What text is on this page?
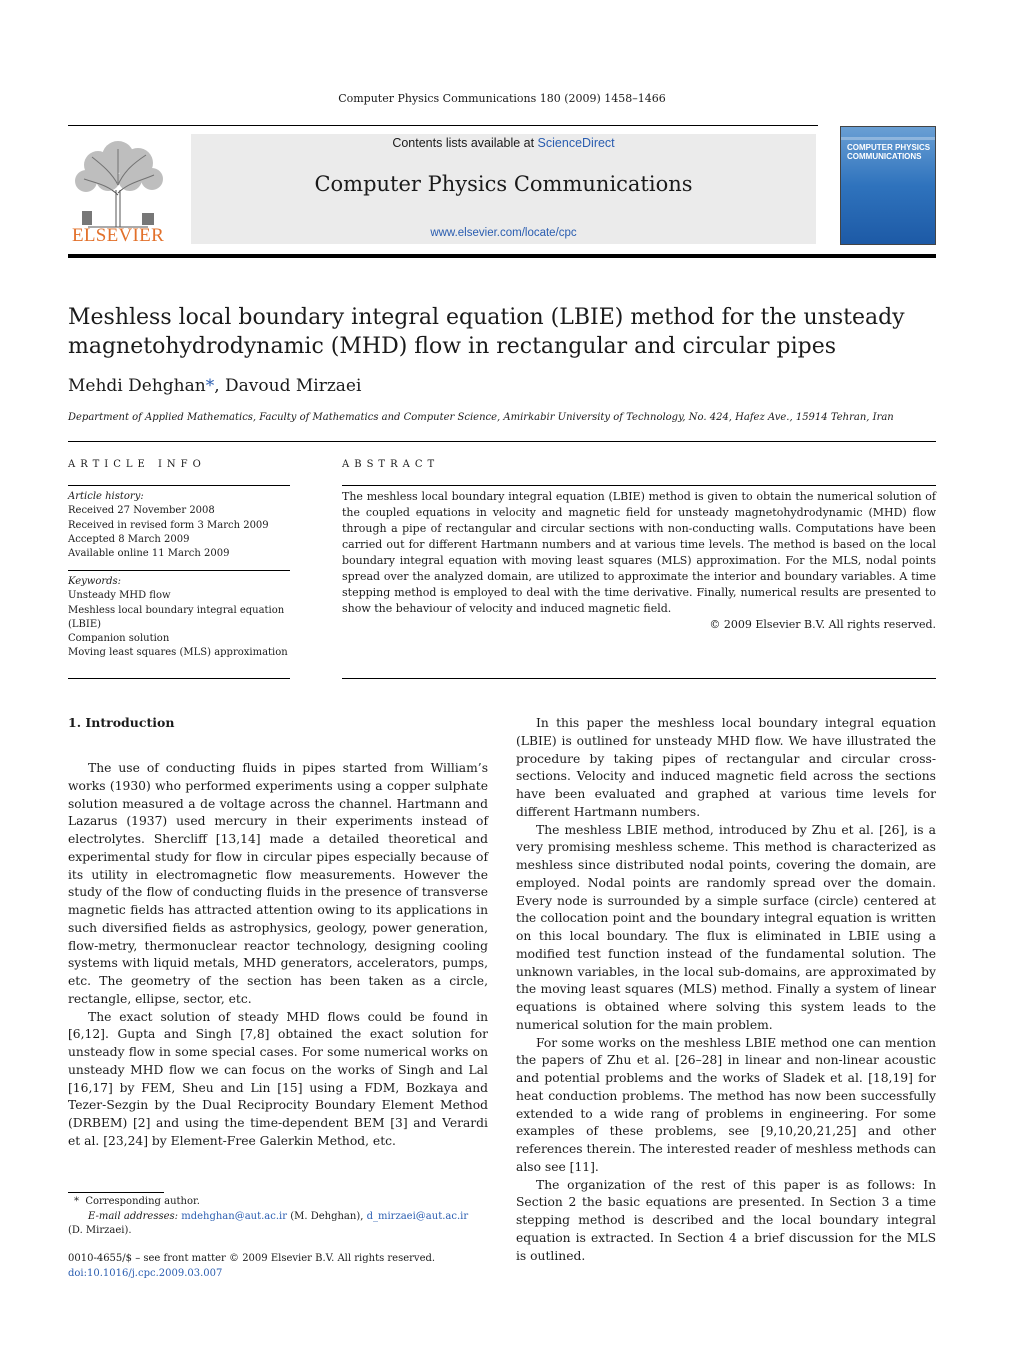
Computer Physics Communications 180 (2009) 1458–1466
ELSEVIER
Contents lists available at ScienceDirect
Computer Physics Communications
www.elsevier.com/locate/cpc
COMPUTER PHYSICS
COMMUNICATIONS
Meshless local boundary integral equation (LBIE) method for the unsteady
magnetohydrodynamic (MHD) flow in rectangular and circular pipes
Mehdi Dehghan*, Davoud Mirzaei
Department of Applied Mathematics, Faculty of Mathematics and Computer Science, Amirkabir University of Technology, No. 424, Hafez Ave., 15914 Tehran, Iran
ARTICLE INFO	ABSTRACT
Article history:
Received 27 November 2008
Received in revised form 3 March 2009
Accepted 8 March 2009
Available online 11 March 2009
Keywords:
Unsteady MHD flow
Meshless local boundary integral equation
(LBIE)
Companion solution
Moving least squares (MLS) approximation
The meshless local boundary integral equation (LBIE) method is given to obtain the numerical solution of the coupled equations in velocity and magnetic field for unsteady magnetohydrodynamic (MHD) flow through a pipe of rectangular and circular sections with non-conducting walls. Computations have been carried out for different Hartmann numbers and at various time levels. The method is based on the local boundary integral equation with moving least squares (MLS) approximation. For the MLS, nodal points spread over the analyzed domain, are utilized to approximate the interior and boundary variables. A time stepping method is employed to deal with the time derivative. Finally, numerical results are presented to show the behaviour of velocity and induced magnetic field.
© 2009 Elsevier B.V. All rights reserved.
1. Introduction

The use of conducting fluids in pipes started from William’s works (1930) who performed experiments using a copper sulphate solution measured a de voltage across the channel. Hartmann and Lazarus (1937) used mercury in their experiments instead of electrolytes. Shercliff [13,14] made a detailed theoretical and experimental study for flow in circular pipes especially because of its utility in electromagnetic flow measurements. However the study of the flow of conducting fluids in the presence of transverse magnetic fields has attracted attention owing to its applications in such diversified fields as astrophysics, geology, power generation, flow-metry, thermonuclear reactor technology, designing cooling systems with liquid metals, MHD generators, accelerators, pumps, etc. The geometry of the section has been taken as a circle, rectangle, ellipse, sector, etc.

The exact solution of steady MHD flows could be found in [6,12]. Gupta and Singh [7,8] obtained the exact solution for unsteady flow in some special cases. For some numerical works on unsteady MHD flow we can focus on the works of Singh and Lal [16,17] by FEM, Sheu and Lin [15] using a FDM, Bozkaya and Tezer-Sezgin by the Dual Reciprocity Boundary Element Method (DRBEM) [2] and using the time-dependent BEM [3] and Verardi et al. [23,24] by Element-Free Galerkin Method, etc.

In this paper the meshless local boundary integral equation (LBIE) is outlined for unsteady MHD flow. We have illustrated the procedure by taking pipes of rectangular and circular cross-sections. Velocity and induced magnetic field across the sections have been evaluated and graphed at various time levels for different Hartmann numbers.

The meshless LBIE method, introduced by Zhu et al. [26], is a very promising meshless scheme. This method is characterized as meshless since distributed nodal points, covering the domain, are employed. Nodal points are randomly spread over the domain. Every node is surrounded by a simple surface (circle) centered at the collocation point and the boundary integral equation is written on this local boundary. The flux is eliminated in LBIE using a modified test function instead of the fundamental solution. The unknown variables, in the local sub-domains, are approximated by the moving least squares (MLS) method. Finally a system of linear equations is obtained where solving this system leads to the numerical solution for the main problem.

For some works on the meshless LBIE method one can mention the papers of Zhu et al. [26–28] in linear and non-linear acoustic and potential problems and the works of Sladek et al. [18,19] for heat conduction problems. The method has now been successfully extended to a wide rang of problems in engineering. For some examples of these problems, see [9,10,20,21,25] and other references therein. The interested reader of meshless methods can also see [11].

The organization of the rest of this paper is as follows: In Section 2 the basic equations are presented. In Section 3 a time stepping method is described and the local boundary integral equation is extracted. In Section 4 a brief discussion for the MLS is outlined.

* Corresponding author.
E-mail addresses: mdehghan@aut.ac.ir (M. Dehghan), d_mirzaei@aut.ac.ir
(D. Mirzaei).
0010-4655/$ – see front matter © 2009 Elsevier B.V. All rights reserved.
doi:10.1016/j.cpc.2009.03.007
